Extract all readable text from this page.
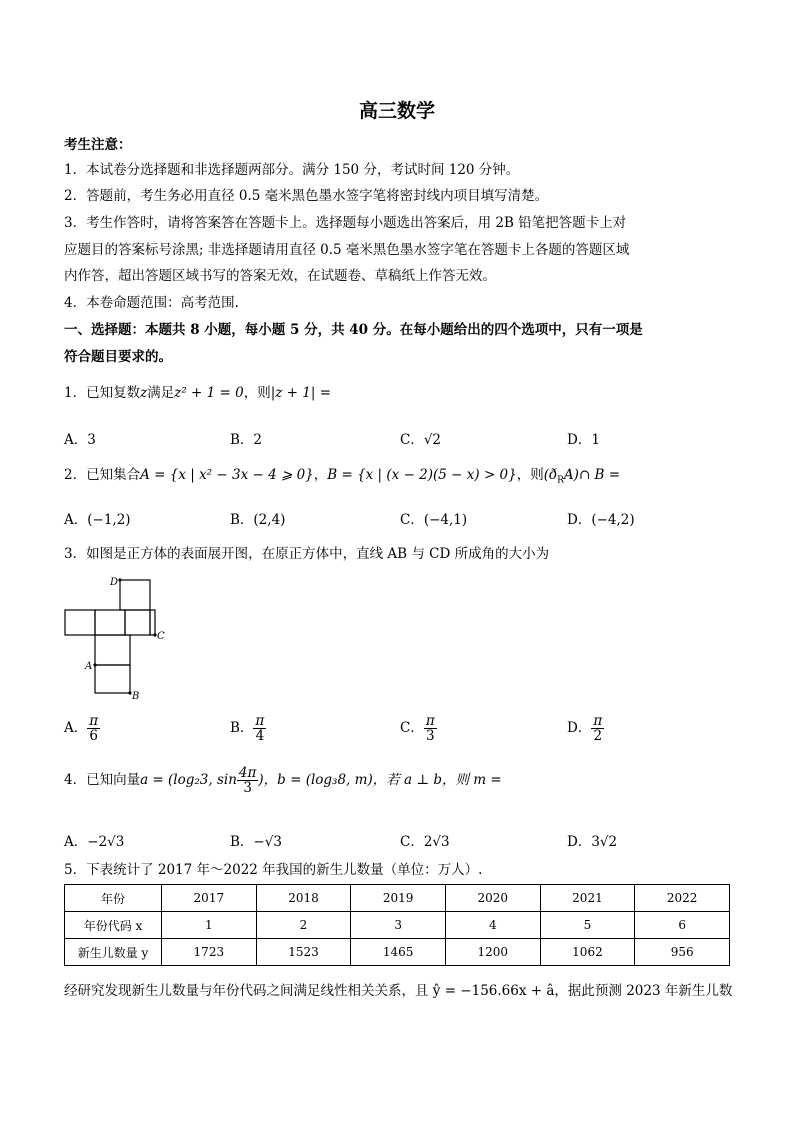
高三数学
考生注意：
1．本试卷分选择题和非选择题两部分。满分 150 分，考试时间 120 分钟。
2．答题前，考生务必用直径 0.5 毫米黑色墨水签字笔将密封线内项目填写清楚。
3．考生作答时，请将答案答在答题卡上。选择题每小题选出答案后，用 2B 铅笔把答题卡上对
应题目的答案标号涂黑; 非选择题请用直径 0.5 毫米黑色墨水签字笔在答题卡上各题的答题区域
内作答，超出答题区域书写的答案无效，在试题卷、草稿纸上作答无效。
4．本卷命题范围：高考范围.
一、选择题：本题共 8 小题，每小题 5 分，共 40 分。在每小题给出的四个选项中，只有一项是
符合题目要求的。
1．已知复数z满足z² + 1 = 0，则|z + 1| =
A．3	B．2	C．√2	D．1
2．已知集合A = {x | x² − 3x − 4 ⩾ 0}，B = {x | (x − 2)(5 − x) > 0}，则$(ð_RA)\cap$ B =
A．(−1,2)	B．(2,4)	C．(−4,1)	D．(−4,2)
3．如图是正方体的表面展开图，在原正方体中，直线 AB 与 CD 所成角的大小为
D
C
A
B
A． $\frac{\pi}{6}$	B． $\frac{\pi}{4}$	C． $\frac{\pi}{3}$	D． $\frac{\pi}{2}$
4．已知向量a = (log₂3, $\sin \frac{4\pi}{3}$ )，b = (log₃8, m)，若 a ⊥ b，则 m =
A．−2√3	B．−√3	C．2√3	D．3√2
5．下表统计了 2017 年～2022 年我国的新生儿数量（单位：万人）.
年份	2017	2018	2019	2020	2021	2022
年份代码 x	1	2	3	4	5	6
新生儿数量 y	1723	1523	1465	1200	1062	956
经研究发现新生儿数量与年份代码之间满足线性相关关系，且 ŷ = −156.66x + â，据此预测 2023 年新生儿数
